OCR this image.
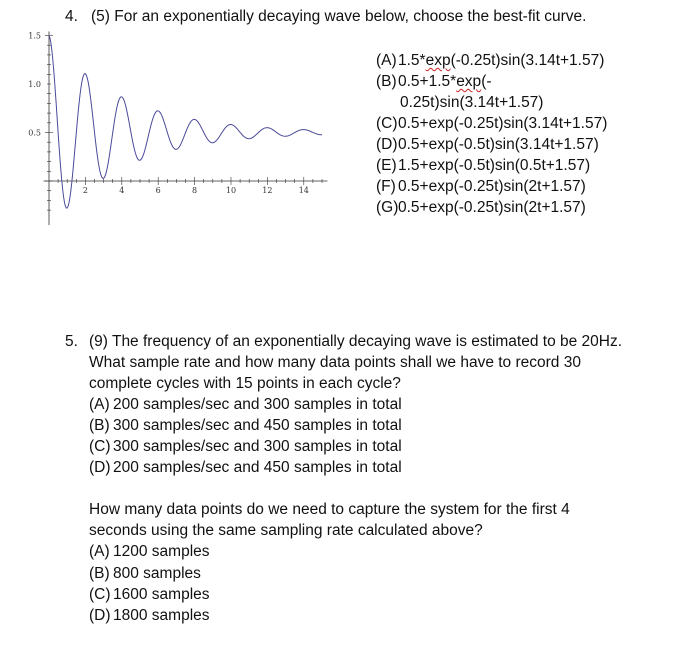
4. (5) For an exponentially decaying wave below, choose the best-fit curve.
2	4	6	8	10	12	14
0.5
1.0
1.5
(A)1.5*exp(-0.25t)sin(3.14t+1.57)
(B)0.5+1.5*exp(-
0.25t)sin(3.14t+1.57)
(C)0.5+exp(-0.25t)sin(3.14t+1.57)
(D)0.5+exp(-0.5t)sin(3.14t+1.57)
(E)1.5+exp(-0.5t)sin(0.5t+1.57)
(F) 0.5+exp(-0.25t)sin(2t+1.57)
(G)0.5+exp(-0.25t)sin(2t+1.57)
5. (9) The frequency of an exponentially decaying wave is estimated to be 20Hz.
What sample rate and how many data points shall we have to record 30
complete cycles with 15 points in each cycle?
(A) 200 samples/sec and 300 samples in total
(B) 300 samples/sec and 450 samples in total
(C) 300 samples/sec and 300 samples in total
(D) 200 samples/sec and 450 samples in total
How many data points do we need to capture the system for the first 4
seconds using the same sampling rate calculated above?
(A) 1200 samples
(B) 800 samples
(C) 1600 samples
(D) 1800 samples
